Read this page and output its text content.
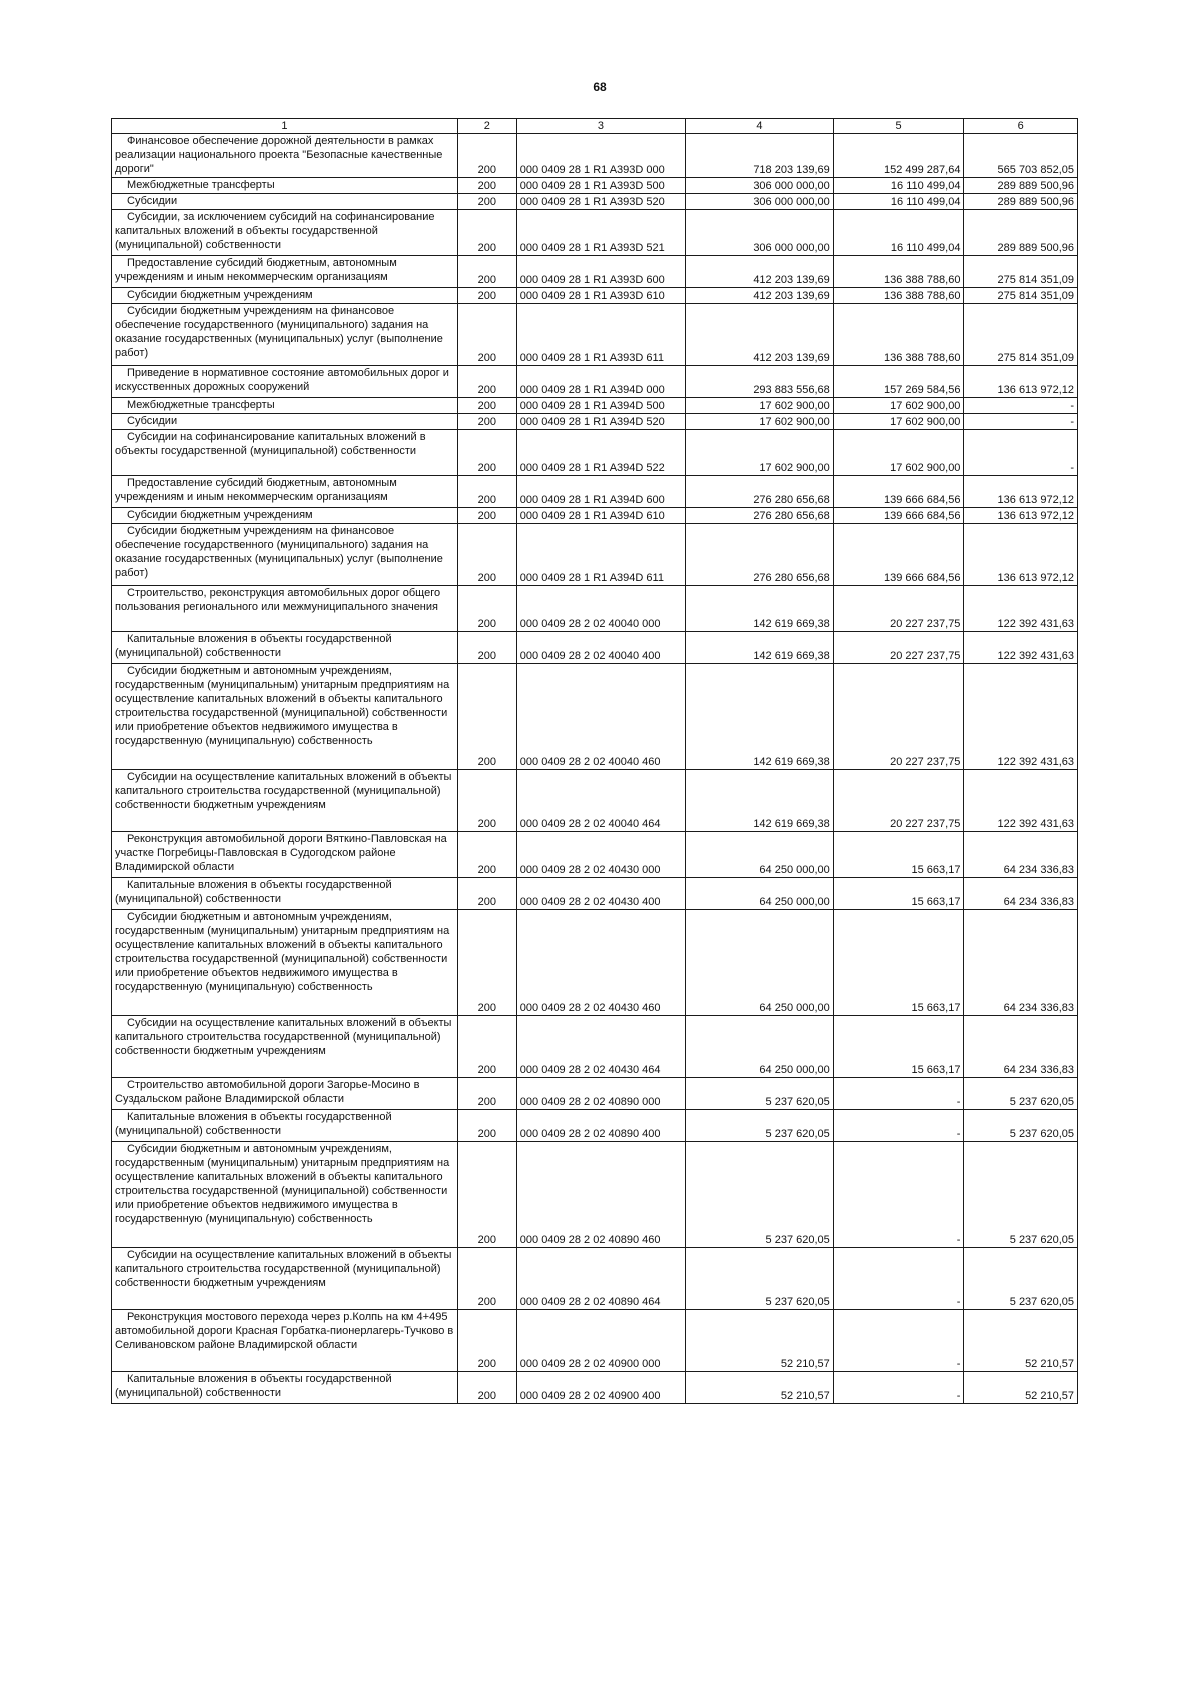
68
1	2	3	4	5	6
Финансовое обеспечение дорожной деятельности в рамках реализации национального проекта "Безопасные качественные дороги"	200	000 0409 28 1 R1 A393D 000	718 203 139,69	152 499 287,64	565 703 852,05
Межбюджетные трансферты	200	000 0409 28 1 R1 A393D 500	306 000 000,00	16 110 499,04	289 889 500,96
Субсидии	200	000 0409 28 1 R1 A393D 520	306 000 000,00	16 110 499,04	289 889 500,96
Субсидии, за исключением субсидий на софинансирование капитальных вложений в объекты государственной (муниципальной) собственности	200	000 0409 28 1 R1 A393D 521	306 000 000,00	16 110 499,04	289 889 500,96
Предоставление субсидий бюджетным, автономным учреждениям и иным некоммерческим организациям	200	000 0409 28 1 R1 A393D 600	412 203 139,69	136 388 788,60	275 814 351,09
Субсидии бюджетным учреждениям	200	000 0409 28 1 R1 A393D 610	412 203 139,69	136 388 788,60	275 814 351,09
Субсидии бюджетным учреждениям на финансовое обеспечение государственного (муниципального) задания на оказание государственных (муниципальных) услуг (выполнение работ)	200	000 0409 28 1 R1 A393D 611	412 203 139,69	136 388 788,60	275 814 351,09
Приведение в нормативное состояние автомобильных дорог и искусственных дорожных сооружений	200	000 0409 28 1 R1 A394D 000	293 883 556,68	157 269 584,56	136 613 972,12
Межбюджетные трансферты	200	000 0409 28 1 R1 A394D 500	17 602 900,00	17 602 900,00	-
Субсидии	200	000 0409 28 1 R1 A394D 520	17 602 900,00	17 602 900,00	-
Субсидии на софинансирование капитальных вложений в объекты государственной (муниципальной) собственности	200	000 0409 28 1 R1 A394D 522	17 602 900,00	17 602 900,00	-
Предоставление субсидий бюджетным, автономным учреждениям и иным некоммерческим организациям	200	000 0409 28 1 R1 A394D 600	276 280 656,68	139 666 684,56	136 613 972,12
Субсидии бюджетным учреждениям	200	000 0409 28 1 R1 A394D 610	276 280 656,68	139 666 684,56	136 613 972,12
Субсидии бюджетным учреждениям на финансовое обеспечение государственного (муниципального) задания на оказание государственных (муниципальных) услуг (выполнение работ)	200	000 0409 28 1 R1 A394D 611	276 280 656,68	139 666 684,56	136 613 972,12
Строительство, реконструкция автомобильных дорог общего пользования регионального или межмуниципального значения	200	000 0409 28 2 02 40040 000	142 619 669,38	20 227 237,75	122 392 431,63
Капитальные вложения в объекты государственной (муниципальной) собственности	200	000 0409 28 2 02 40040 400	142 619 669,38	20 227 237,75	122 392 431,63
Субсидии бюджетным и автономным учреждениям, государственным (муниципальным) унитарным предприятиям на осуществление капитальных вложений в объекты капитального строительства государственной (муниципальной) собственности или приобретение объектов недвижимого имущества в государственную (муниципальную) собственность	200	000 0409 28 2 02 40040 460	142 619 669,38	20 227 237,75	122 392 431,63
Субсидии на осуществление капитальных вложений в объекты капитального строительства государственной (муниципальной) собственности бюджетным учреждениям	200	000 0409 28 2 02 40040 464	142 619 669,38	20 227 237,75	122 392 431,63
Реконструкция автомобильной дороги Вяткино-Павловская на участке Погребицы-Павловская в Судогодском районе Владимирской области	200	000 0409 28 2 02 40430 000	64 250 000,00	15 663,17	64 234 336,83
Капитальные вложения в объекты государственной (муниципальной) собственности	200	000 0409 28 2 02 40430 400	64 250 000,00	15 663,17	64 234 336,83
Субсидии бюджетным и автономным учреждениям, государственным (муниципальным) унитарным предприятиям на осуществление капитальных вложений в объекты капитального строительства государственной (муниципальной) собственности или приобретение объектов недвижимого имущества в государственную (муниципальную) собственность	200	000 0409 28 2 02 40430 460	64 250 000,00	15 663,17	64 234 336,83
Субсидии на осуществление капитальных вложений в объекты капитального строительства государственной (муниципальной) собственности бюджетным учреждениям	200	000 0409 28 2 02 40430 464	64 250 000,00	15 663,17	64 234 336,83
Строительство автомобильной дороги Загорье-Мосино в Суздальском районе Владимирской области	200	000 0409 28 2 02 40890 000	5 237 620,05	-	5 237 620,05
Капитальные вложения в объекты государственной (муниципальной) собственности	200	000 0409 28 2 02 40890 400	5 237 620,05	-	5 237 620,05
Субсидии бюджетным и автономным учреждениям, государственным (муниципальным) унитарным предприятиям на осуществление капитальных вложений в объекты капитального строительства государственной (муниципальной) собственности или приобретение объектов недвижимого имущества в государственную (муниципальную) собственность	200	000 0409 28 2 02 40890 460	5 237 620,05	-	5 237 620,05
Субсидии на осуществление капитальных вложений в объекты капитального строительства государственной (муниципальной) собственности бюджетным учреждениям	200	000 0409 28 2 02 40890 464	5 237 620,05	-	5 237 620,05
Реконструкция мостового перехода через р.Колпь на км 4+495 автомобильной дороги Красная Горбатка-пионерлагерь-Тучково в Селивановском районе Владимирской области	200	000 0409 28 2 02 40900 000	52 210,57	-	52 210,57
Капитальные вложения в объекты государственной (муниципальной) собственности	200	000 0409 28 2 02 40900 400	52 210,57	-	52 210,57
